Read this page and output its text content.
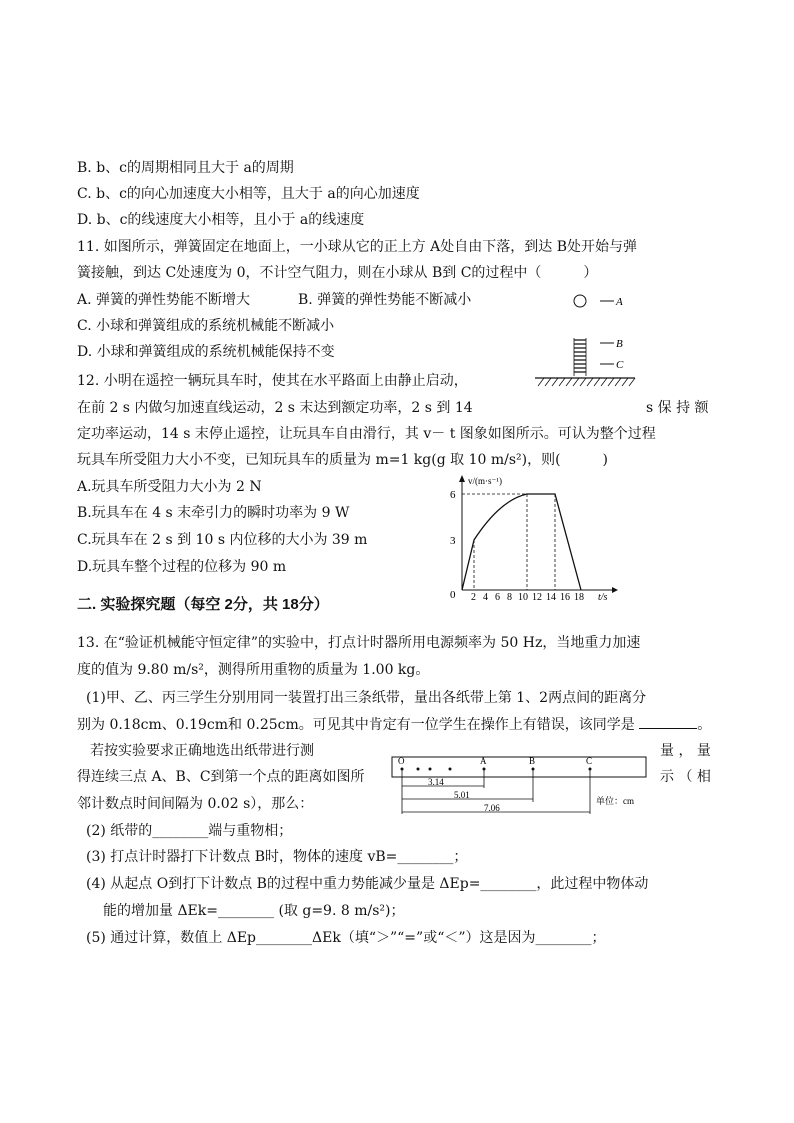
B. b、c的周期相同且大于 a的周期
C. b、c的向心加速度大小相等，且大于 a的向心加速度
D. b、c的线速度大小相等，且小于 a的线速度
11. 如图所示，弹簧固定在地面上，一小球从它的正上方 A处自由下落，到达 B处开始与弹
簧接触，到达 C处速度为 0，不计空气阻力，则在小球从 B到 C的过程中（　　　）
A. 弹簧的弹性势能不断增大	B. 弹簧的弹性势能不断减小
C. 小球和弹簧组成的系统机械能不断减小
D. 小球和弹簧组成的系统机械能保持不变
A
B
C
12. 小明在遥控一辆玩具车时，使其在水平路面上由静止启动，
在前 2 s 内做匀加速直线运动，2 s 末达到额定功率，2 s 到 14	s 保 持 额
定功率运动，14 s 末停止遥控，让玩具车自由滑行，其 v－ t 图象如图所示。可认为整个过程
玩具车所受阻力大小不变，已知玩具车的质量为 m=1 kg(g 取 10 m/s²)，则(　　　)
A.玩具车所受阻力大小为 2 N
B.玩具车在 4 s 末牵引力的瞬时功率为 9 W
C.玩具车在 2 s 到 10 s 内位移的大小为 39 m
D.玩具车整个过程的位移为 90 m
v/(m·s⁻¹)
t/s
0
6
3
2 4 6 8 10 12 14 16 18
二. 实验探究题（每空 2分，共 18分）
13. 在“验证机械能守恒定律”的实验中，打点计时器所用电源频率为 50 Hz，当地重力加速
度的值为 9.80 m/s²，测得所用重物的质量为 1.00 kg。
(1)甲、乙、丙三学生分别用同一装置打出三条纸带，量出各纸带上第 1、2两点间的距离分
别为 0.18cm、0.19cm和 0.25cm。可见其中肯定有一位学生在操作上有错误，该同学是	。
若按实验要求正确地选出纸带进行测	量 ， 量
得连续三点 A、B、C到第一个点的距离如图所	示 （ 相
邻计数点时间间隔为 0.02 s），那么：
O	A	B	C
3.14
5.01
7.06
单位：cm
(2) 纸带的________端与重物相；
(3) 打点计时器打下计数点 B时，物体的速度 vB=________；
(4) 从起点 O到打下计数点 B的过程中重力势能减少量是 ΔEp=________，此过程中物体动
能的增加量 ΔEk=________ (取 g=9. 8 m/s²)；
(5) 通过计算，数值上 ΔEp________ΔEk（填“＞”“=”或“＜”）这是因为________；
